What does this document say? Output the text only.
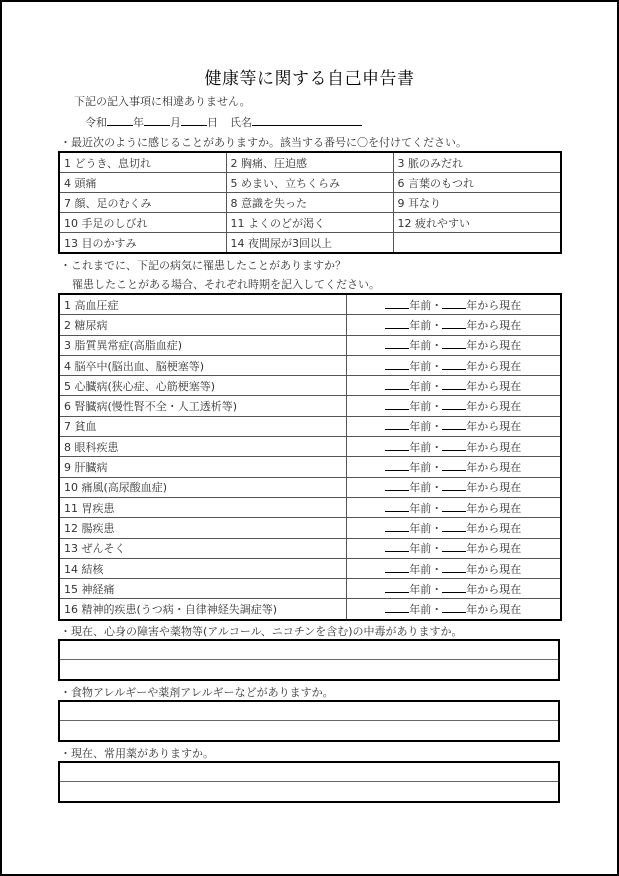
健康等に関する自己申告書
下記の記入事項に相違ありません。
令和 年 月 日 氏名
・最近次のように感じることがありますか。該当する番号に〇を付けてください。
1 どうき、息切れ	2 胸痛、圧迫感	3 脈のみだれ
4 頭痛	5 めまい、立ちくらみ	6 言葉のもつれ
7 顔、足のむくみ	8 意識を失った	9 耳なり
10 手足のしびれ	11 よくのどが渇く	12 疲れやすい
13 目のかすみ	14 夜間尿が3回以上	
・これまでに、下記の病気に罹患したことがありますか？
罹患したことがある場合、それぞれ時期を記入してください。
1 高血圧症	年前・ 年から現在
2 糖尿病	年前・ 年から現在
3 脂質異常症(高脂血症)	年前・ 年から現在
4 脳卒中(脳出血、脳梗塞等)	年前・ 年から現在
5 心臓病(狭心症、心筋梗塞等)	年前・ 年から現在
6 腎臓病(慢性腎不全・人工透析等)	年前・ 年から現在
7 貧血	年前・ 年から現在
8 眼科疾患	年前・ 年から現在
9 肝臓病	年前・ 年から現在
10 痛風(高尿酸血症)	年前・ 年から現在
11 胃疾患	年前・ 年から現在
12 腸疾患	年前・ 年から現在
13 ぜんそく	年前・ 年から現在
14 結核	年前・ 年から現在
15 神経痛	年前・ 年から現在
16 精神的疾患(うつ病・自律神経失調症等)	年前・ 年から現在
・現在、心身の障害や薬物等(アルコール、ニコチンを含む)の中毒がありますか。
・食物アレルギーや薬剤アレルギーなどがありますか。
・現在、常用薬がありますか。
